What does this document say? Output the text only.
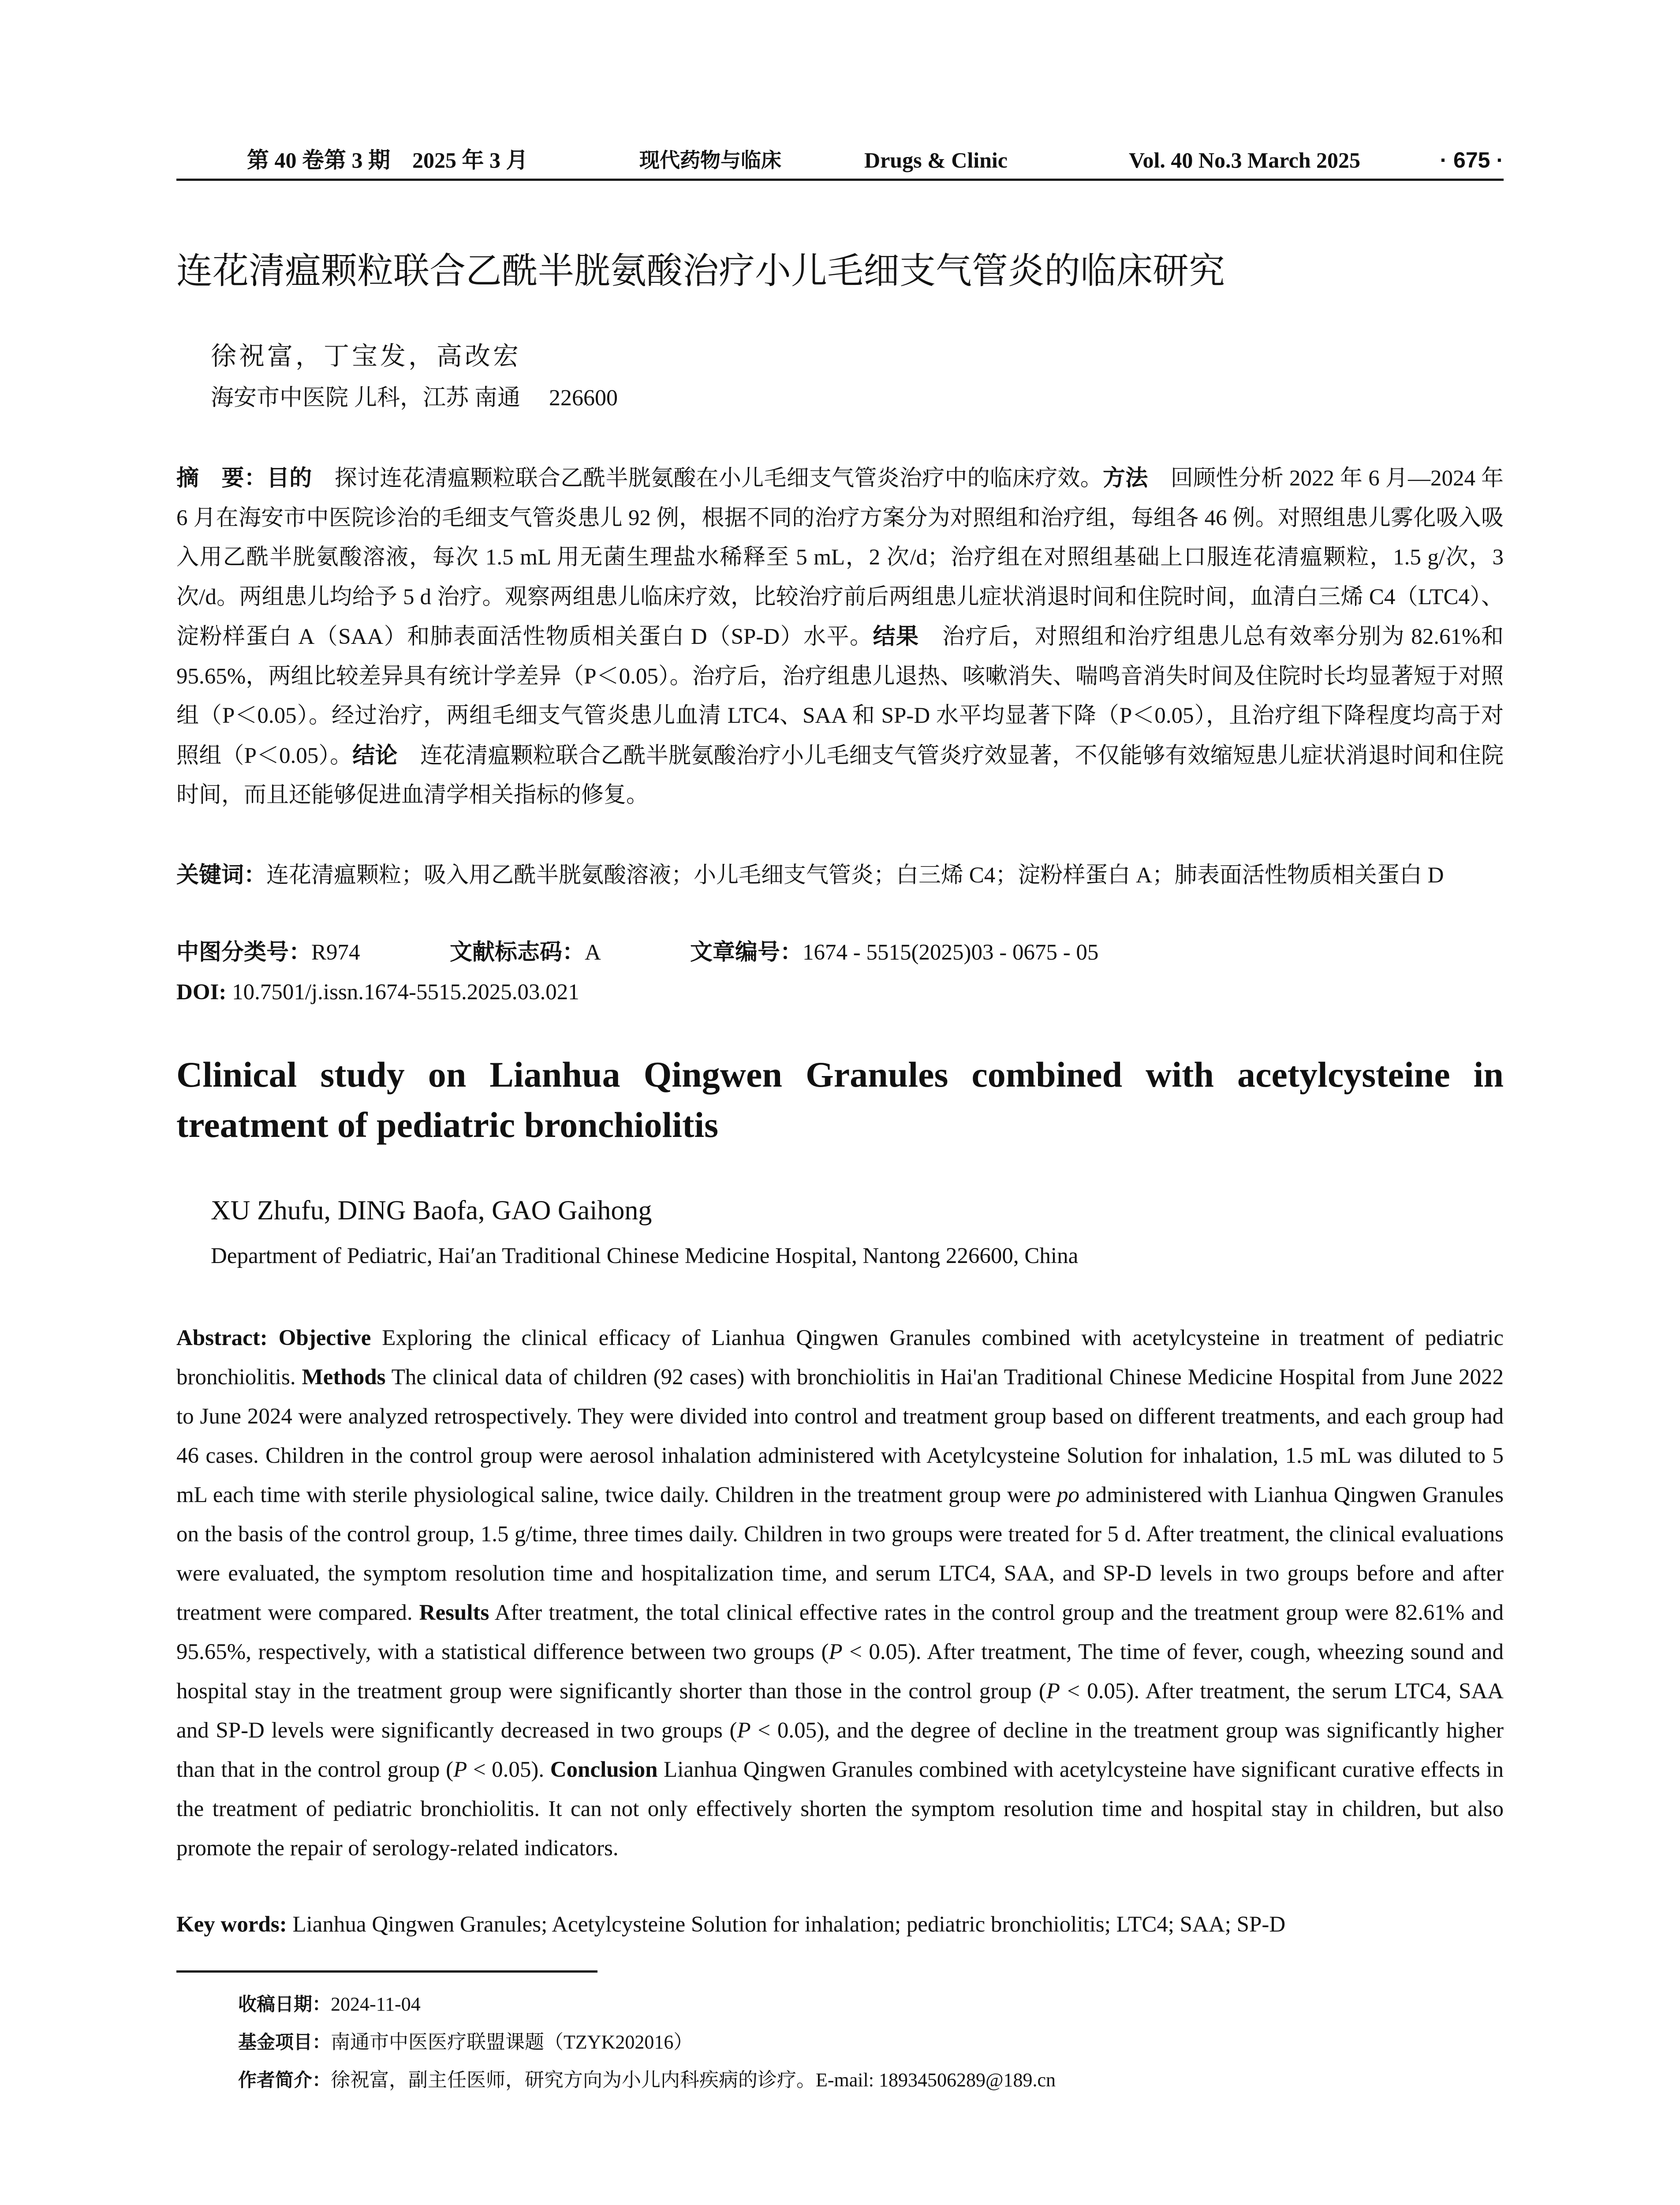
第 40 卷第 3 期　2025 年 3 月	现代药物与临床	Drugs & Clinic	Vol. 40 No.3 March 2025	· 675 ·
连花清瘟颗粒联合乙酰半胱氨酸治疗小儿毛细支气管炎的临床研究
徐祝富，丁宝发，高改宏
海安市中医院 儿科，江苏 南通 　226600
摘　要：目的　探讨连花清瘟颗粒联合乙酰半胱氨酸在小儿毛细支气管炎治疗中的临床疗效。方法　回顾性分析 2022 年 6 月—2024 年 6 月在海安市中医院诊治的毛细支气管炎患儿 92 例，根据不同的治疗方案分为对照组和治疗组，每组各 46 例。对照组患儿雾化吸入吸入用乙酰半胱氨酸溶液，每次 1.5 mL 用无菌生理盐水稀释至 5 mL，2 次/d；治疗组在对照组基础上口服连花清瘟颗粒，1.5 g/次，3 次/d。两组患儿均给予 5 d 治疗。观察两组患儿临床疗效，比较治疗前后两组患儿症状消退时间和住院时间，血清白三烯 C4（LTC4）、淀粉样蛋白 A（SAA）和肺表面活性物质相关蛋白 D（SP-D）水平。结果　治疗后，对照组和治疗组患儿总有效率分别为 82.61%和 95.65%，两组比较差异具有统计学差异（P＜0.05）。治疗后，治疗组患儿退热、咳嗽消失、喘鸣音消失时间及住院时长均显著短于对照组（P＜0.05）。经过治疗，两组毛细支气管炎患儿血清 LTC4、SAA 和 SP-D 水平均显著下降（P＜0.05），且治疗组下降程度均高于对照组（P＜0.05）。结论　连花清瘟颗粒联合乙酰半胱氨酸治疗小儿毛细支气管炎疗效显著，不仅能够有效缩短患儿症状消退时间和住院时间，而且还能够促进血清学相关指标的修复。
关键词：连花清瘟颗粒；吸入用乙酰半胱氨酸溶液；小儿毛细支气管炎；白三烯 C4；淀粉样蛋白 A；肺表面活性物质相关蛋白 D
中图分类号：R974	文献标志码：A	文章编号：1674 - 5515(2025)03 - 0675 - 05
DOI: 10.7501/j.issn.1674-5515.2025.03.021
Clinical study on Lianhua Qingwen Granules combined with acetylcysteine in treatment of pediatric bronchiolitis
XU Zhufu, DING Baofa, GAO Gaihong
Department of Pediatric, Hai′an Traditional Chinese Medicine Hospital, Nantong 226600, China
Abstract: Objective Exploring the clinical efficacy of Lianhua Qingwen Granules combined with acetylcysteine in treatment of pediatric bronchiolitis. Methods The clinical data of children (92 cases) with bronchiolitis in Hai'an Traditional Chinese Medicine Hospital from June 2022 to June 2024 were analyzed retrospectively. They were divided into control and treatment group based on different treatments, and each group had 46 cases. Children in the control group were aerosol inhalation administered with Acetylcysteine Solution for inhalation, 1.5 mL was diluted to 5 mL each time with sterile physiological saline, twice daily. Children in the treatment group were po administered with Lianhua Qingwen Granules on the basis of the control group, 1.5 g/time, three times daily. Children in two groups were treated for 5 d. After treatment, the clinical evaluations were evaluated, the symptom resolution time and hospitalization time, and serum LTC4, SAA, and SP-D levels in two groups before and after treatment were compared. Results After treatment, the total clinical effective rates in the control group and the treatment group were 82.61% and 95.65%, respectively, with a statistical difference between two groups (P < 0.05). After treatment, The time of fever, cough, wheezing sound and hospital stay in the treatment group were significantly shorter than those in the control group (P < 0.05). After treatment, the serum LTC4, SAA and SP-D levels were significantly decreased in two groups (P < 0.05), and the degree of decline in the treatment group was significantly higher than that in the control group (P < 0.05). Conclusion Lianhua Qingwen Granules combined with acetylcysteine have significant curative effects in the treatment of pediatric bronchiolitis. It can not only effectively shorten the symptom resolution time and hospital stay in children, but also promote the repair of serology-related indicators.
Key words: Lianhua Qingwen Granules; Acetylcysteine Solution for inhalation; pediatric bronchiolitis; LTC4; SAA; SP-D
收稿日期：2024-11-04
基金项目：南通市中医医疗联盟课题（TZYK202016）
作者简介：徐祝富，副主任医师，研究方向为小儿内科疾病的诊疗。E-mail: 18934506289@189.cn
